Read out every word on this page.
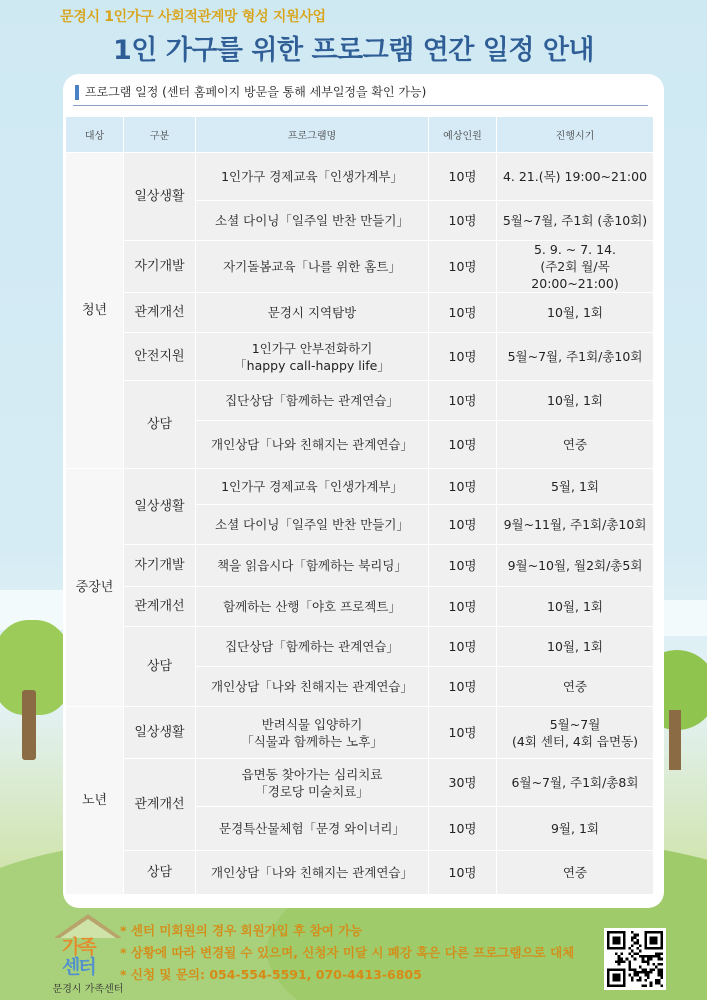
문경시 1인가구 사회적관계망 형성 지원사업
1인 가구를 위한 프로그램 연간 일정 안내
프로그램 일정 (센터 홈페이지 방문을 통해 세부일정을 확인 가능)
대상	구분	프로그램명	예상인원	진행시기
청년	일상생활	1인가구 경제교육「인생가계부」	10명	4. 21.(목) 19:00~21:00
		소셜 다이닝「일주일 반찬 만들기」	10명	5월~7월, 주1회 (총10회)
	자기개발	자기돌봄교육「나를 위한 홈트」	10명	5. 9. ~ 7. 14.
(주2회 월/목 20:00~21:00)
	관계개선	문경시 지역탐방	10명	10월, 1회
	안전지원	1인가구 안부전화하기
「happy call-happy life」	10명	5월~7월, 주1회/총10회
	상담	집단상담「함께하는 관계연습」	10명	10월, 1회
		개인상담「나와 친해지는 관계연습」	10명	연중
중장년	일상생활	1인가구 경제교육「인생가계부」	10명	5월, 1회
		소셜 다이닝「일주일 반찬 만들기」	10명	9월~11월, 주1회/총10회
	자기개발	책을 읽읍시다「함께하는 북리딩」	10명	9월~10월, 월2회/총5회
	관계개선	함께하는 산행「야호 프로젝트」	10명	10월, 1회
	상담	집단상담「함께하는 관계연습」	10명	10월, 1회
		개인상담「나와 친해지는 관계연습」	10명	연중
노년	일상생활	반려식물 입양하기
「식물과 함께하는 노후」	10명	5월~7월
(4회 센터, 4회 읍면동)
	관계개선	읍면동 찾아가는 심리치료
「경로당 미술치료」	30명	6월~7월, 주1회/총8회
		문경특산물체험「문경 와이너리」	10명	9월, 1회
	상담	개인상담「나와 친해지는 관계연습」	10명	연중
가족
센터
문경시 가족센터
* 센터 미회원의 경우 회원가입 후 참여 가능
* 상황에 따라 변경될 수 있으며, 신청자 미달 시 폐강 혹은 다른 프로그램으로 대체
* 신청 및 문의: 054-554-5591, 070-4413-6805
